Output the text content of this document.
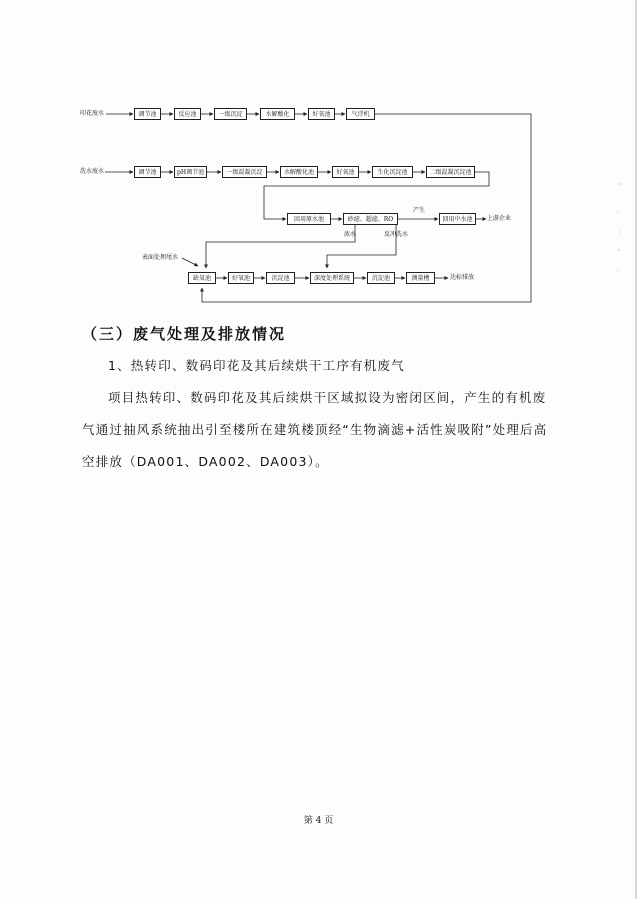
印花废水	调节池	反应池	一级沉淀	水解酸化	好氧池	气浮机
洗水废水	调节池	pH调节池	一级混凝沉淀	水解酸化池	好氧池	生化沉淀池	二级混凝沉淀池
回用原水池	砂滤、超滤、RO	回用中水池
产生
上游企业
浓水	反冲洗水
表面处理尾水
缺氧池	好氧池	沉淀池	深度处理系统	沉淀池	测量槽	达标排放
（三）废气处理及排放情况
1、热转印、数码印花及其后续烘干工序有机废气
项目热转印、数码印花及其后续烘干区域拟设为密闭区间，产生的有机废
气通过抽风系统抽出引至楼所在建筑楼顶经“生物滴滤+活性炭吸附”处理后高
空排放（DA001、DA002、DA003）。
第 4 页
